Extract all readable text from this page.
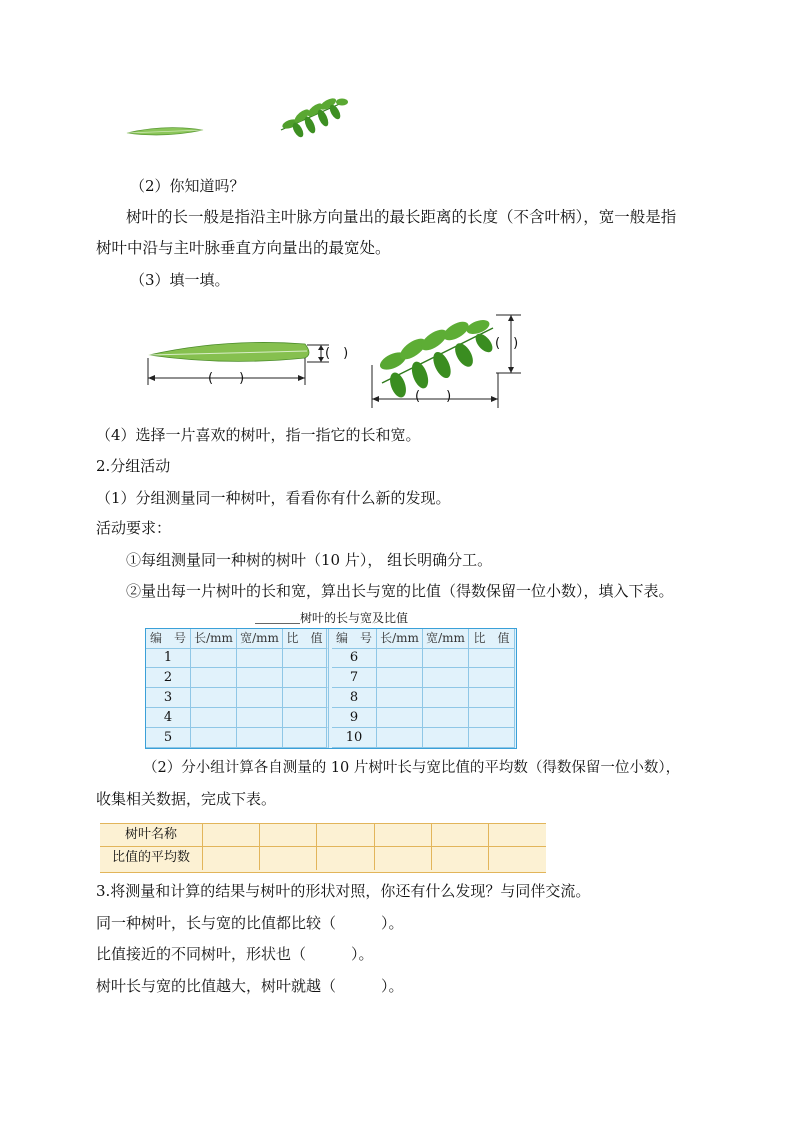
（2）你知道吗？
树叶的长一般是指沿主叶脉方向量出的最长距离的长度（不含叶柄），宽一般是指
树叶中沿与主叶脉垂直方向量出的最宽处。
（3）填一填。
(　　)
(　)
(　　)
(　)
（4）选择一片喜欢的树叶，指一指它的长和宽。
2.分组活动
（1）分组测量同一种树叶，看看你有什么新的发现。
活动要求：
①每组测量同一种树的树叶（10 片）， 组长明确分工。
②量出每一片树叶的长和宽，算出长与宽的比值（得数保留一位小数），填入下表。
树叶的长与宽及比值
编　号
1
2
3
4
5
长/mm 宽/mm 比　值	编　号
6
7
8
9
10
长/mm 宽/mm 比　值
（2）分小组计算各自测量的 10 片树叶长与宽比值的平均数（得数保留一位小数），
收集相关数据，完成下表。
树叶名称
比值的平均数
3.将测量和计算的结果与树叶的形状对照，你还有什么发现？与同伴交流。
同一种树叶，长与宽的比值都比较（　　　）。
比值接近的不同树叶，形状也（　　　）。
树叶长与宽的比值越大，树叶就越（　　　）。
